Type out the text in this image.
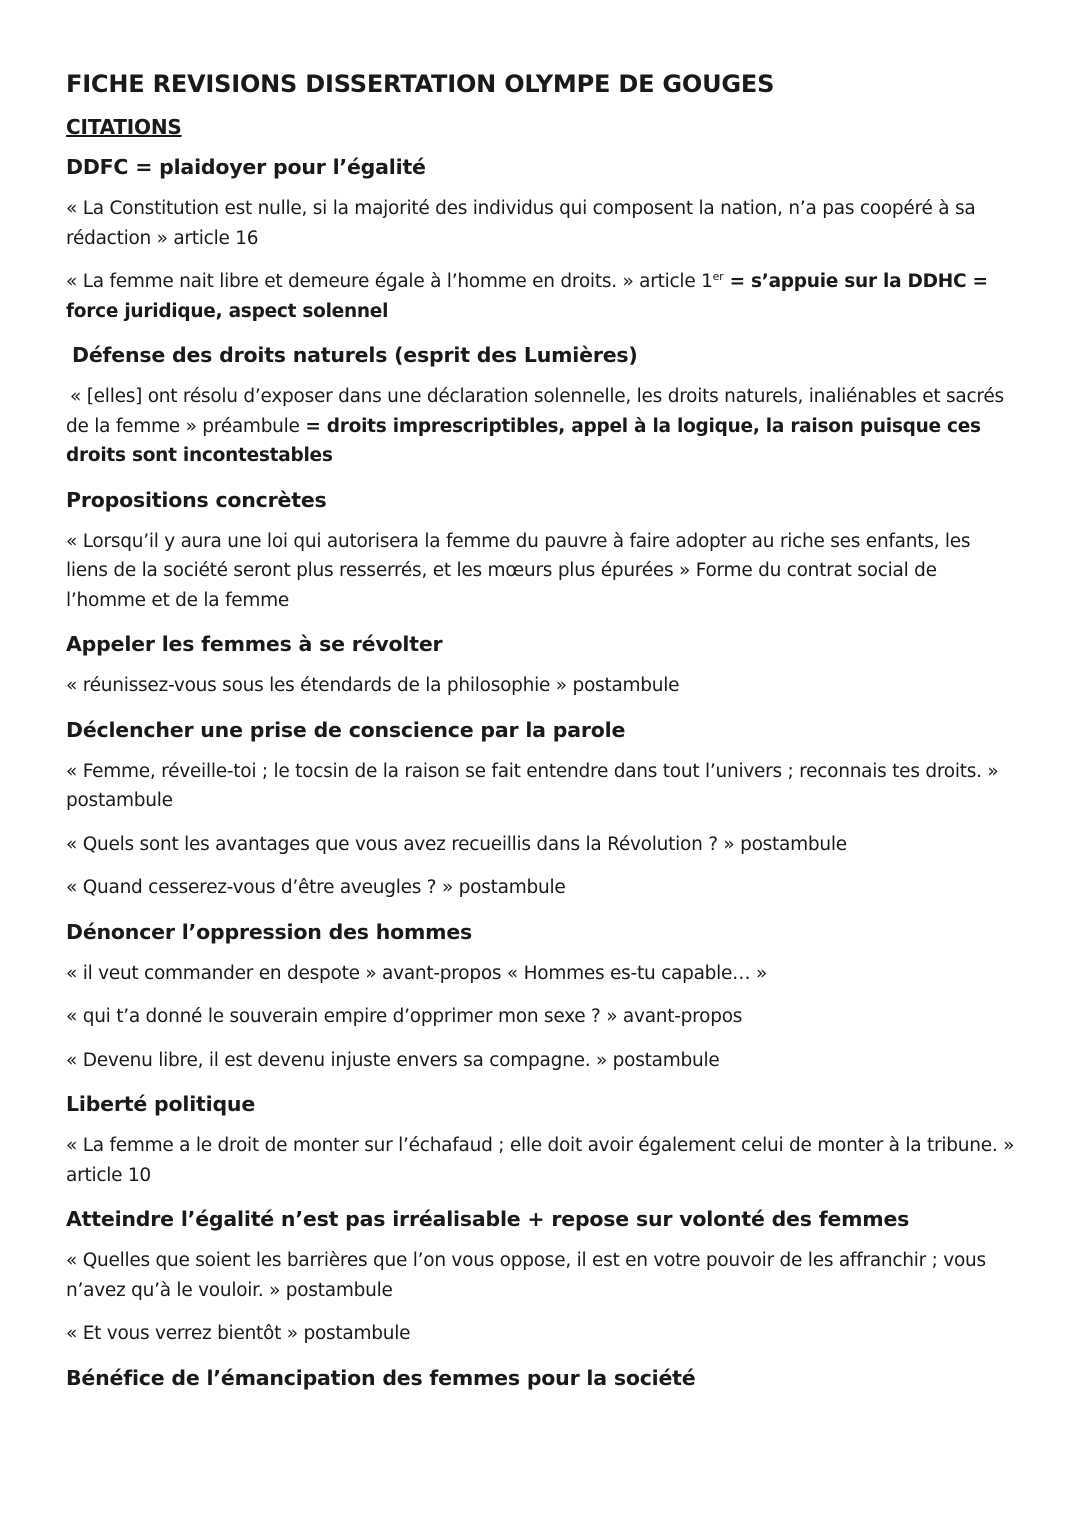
FICHE REVISIONS DISSERTATION OLYMPE DE GOUGES
CITATIONS
DDFC = plaidoyer pour l’égalité
« La Constitution est nulle, si la majorité des individus qui composent la nation, n’a pas coopéré à sa rédaction » article 16
« La femme nait libre et demeure égale à l’homme en droits. » article 1er = s’appuie sur la DDHC = force juridique, aspect solennel
Défense des droits naturels (esprit des Lumières)
« [elles] ont résolu d’exposer dans une déclaration solennelle, les droits naturels, inaliénables et sacrés de la femme » préambule = droits imprescriptibles, appel à la logique, la raison puisque ces droits sont incontestables
Propositions concrètes
« Lorsqu’il y aura une loi qui autorisera la femme du pauvre à faire adopter au riche ses enfants, les liens de la société seront plus resserrés, et les mœurs plus épurées » Forme du contrat social de l’homme et de la femme
Appeler les femmes à se révolter
« réunissez-vous sous les étendards de la philosophie » postambule
Déclencher une prise de conscience par la parole
« Femme, réveille-toi ; le tocsin de la raison se fait entendre dans tout l’univers ; reconnais tes droits. » postambule
« Quels sont les avantages que vous avez recueillis dans la Révolution ? » postambule
« Quand cesserez-vous d’être aveugles ? » postambule
Dénoncer l’oppression des hommes
« il veut commander en despote » avant-propos « Hommes es-tu capable… »
« qui t’a donné le souverain empire d’opprimer mon sexe ? » avant-propos
« Devenu libre, il est devenu injuste envers sa compagne. » postambule
Liberté politique
« La femme a le droit de monter sur l’échafaud ; elle doit avoir également celui de monter à la tribune. » article 10
Atteindre l’égalité n’est pas irréalisable + repose sur volonté des femmes
« Quelles que soient les barrières que l’on vous oppose, il est en votre pouvoir de les affranchir ; vous n’avez qu’à le vouloir. » postambule
« Et vous verrez bientôt » postambule
Bénéfice de l’émancipation des femmes pour la société
